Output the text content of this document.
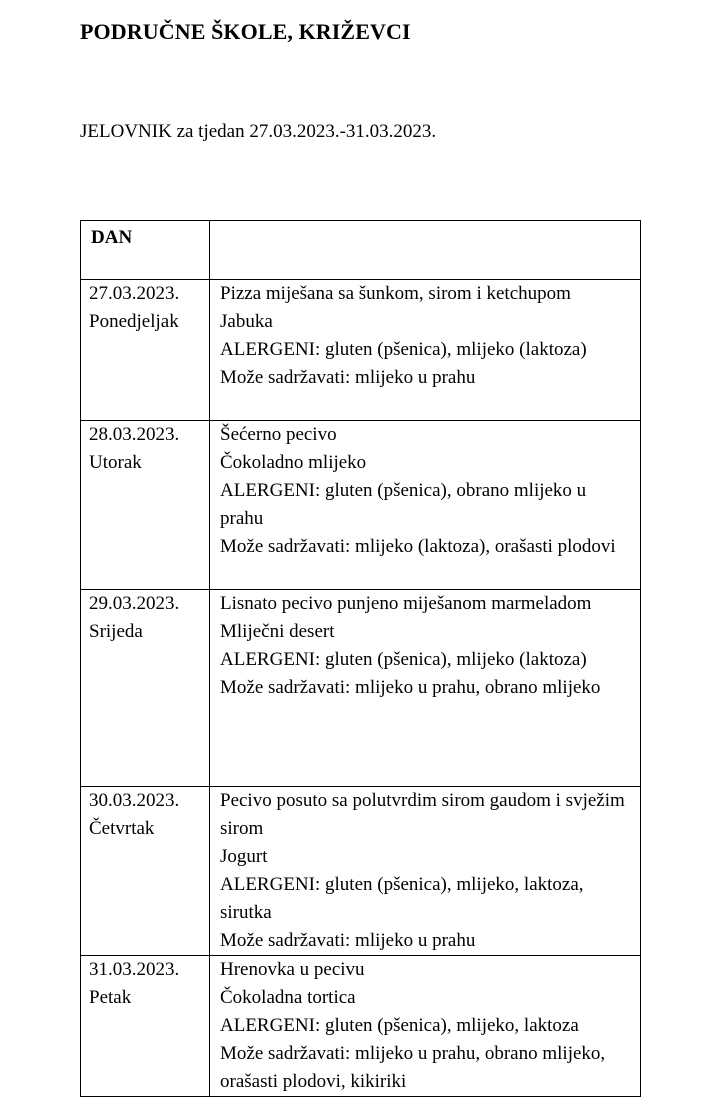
PODRUČNE ŠKOLE, KRIŽEVCI

JELOVNIK za tjedan 27.03.2023.-31.03.2023.

DAN	

27.03.2023.
Ponedjeljak	Pizza miješana sa šunkom, sirom i ketchupom
Jabuka
ALERGENI: gluten (pšenica), mlijeko (laktoza)
Može sadržavati: mlijeko u prahu

28.03.2023.
Utorak	Šećerno pecivo
Čokoladno mlijeko
ALERGENI: gluten (pšenica), obrano mlijeko u prahu
Može sadržavati: mlijeko (laktoza), orašasti plodovi

29.03.2023.
Srijeda	Lisnato pecivo punjeno miješanom marmeladom
Mliječni desert
ALERGENI: gluten (pšenica), mlijeko (laktoza)
Može sadržavati: mlijeko u prahu, obrano mlijeko

30.03.2023.
Četvrtak	Pecivo posuto sa polutvrdim sirom gaudom i svježim sirom
Jogurt
ALERGENI: gluten (pšenica), mlijeko, laktoza, sirutka
Može sadržavati: mlijeko u prahu

31.03.2023.
Petak	Hrenovka u pecivu
Čokoladna tortica
ALERGENI: gluten (pšenica), mlijeko, laktoza
Može sadržavati: mlijeko u prahu, obrano mlijeko, orašasti plodovi, kikiriki
